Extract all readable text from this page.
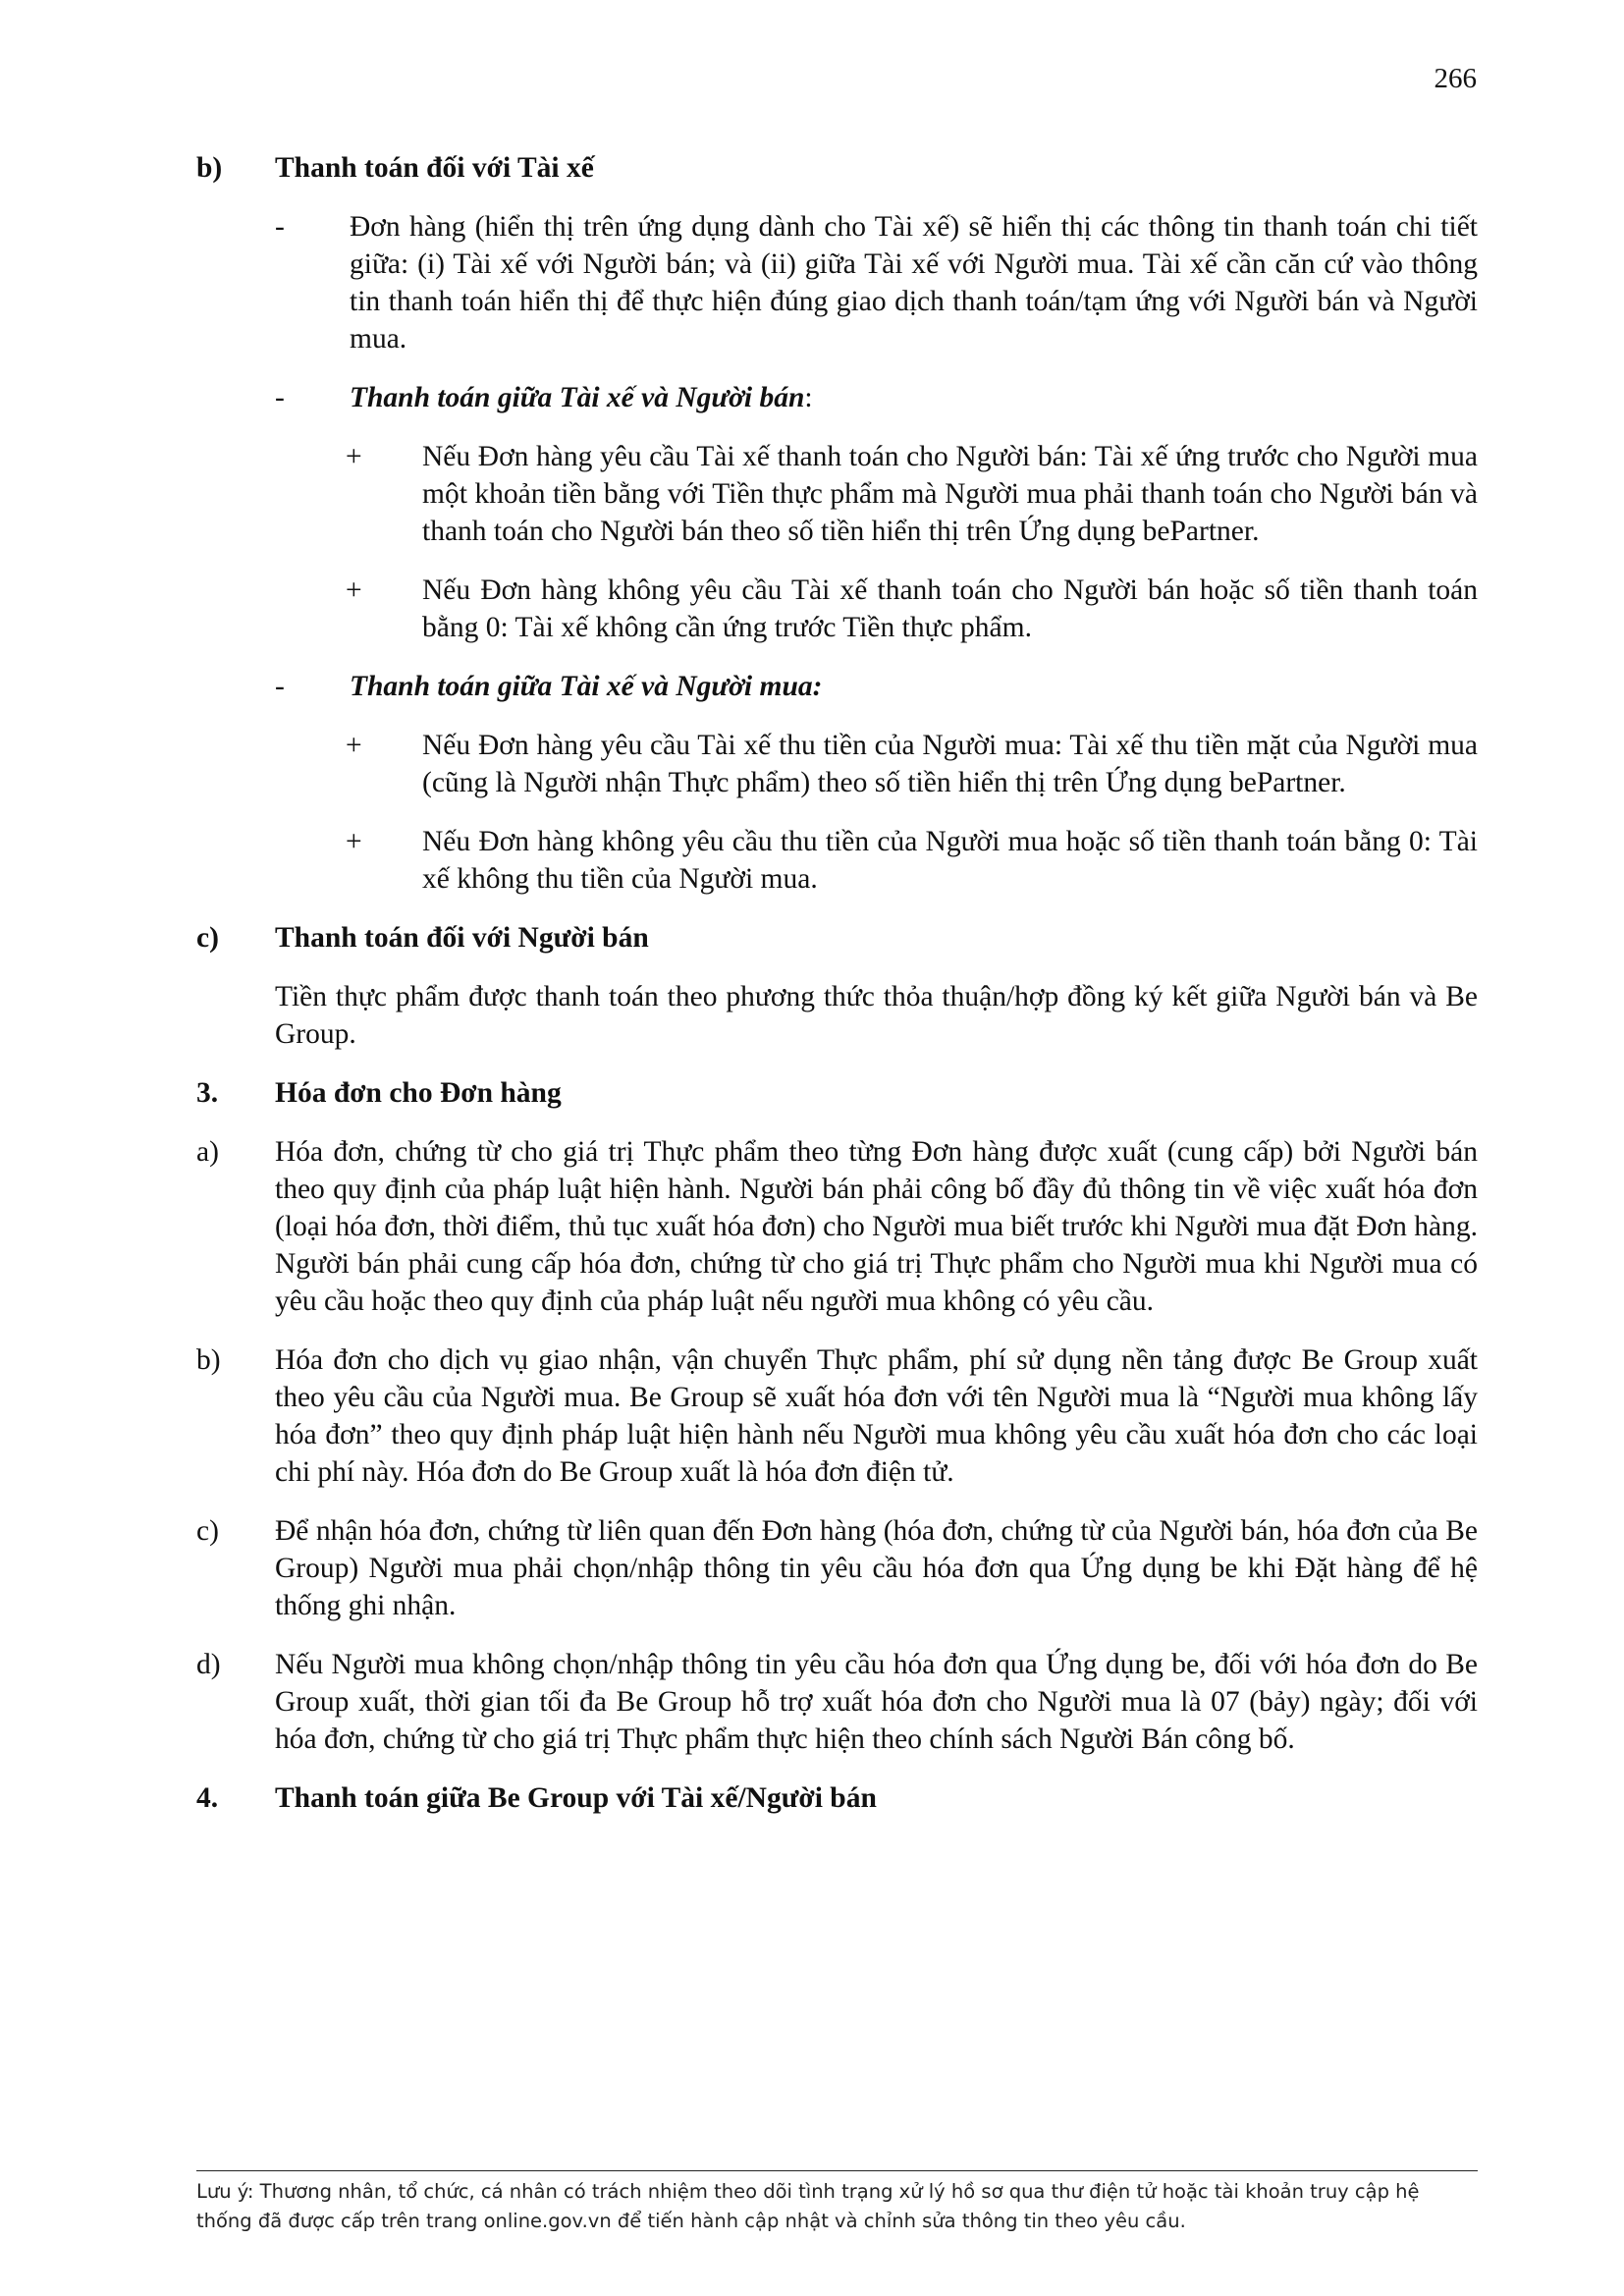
266
b)	Thanh toán đối với Tài xế
-	Đơn hàng (hiển thị trên ứng dụng dành cho Tài xế) sẽ hiển thị các thông tin thanh toán chi tiết giữa: (i) Tài xế với Người bán; và (ii) giữa Tài xế với Người mua. Tài xế cần căn cứ vào thông tin thanh toán hiển thị để thực hiện đúng giao dịch thanh toán/tạm ứng với Người bán và Người mua.
-	Thanh toán giữa Tài xế và Người bán:
+	Nếu Đơn hàng yêu cầu Tài xế thanh toán cho Người bán: Tài xế ứng trước cho Người mua một khoản tiền bằng với Tiền thực phẩm mà Người mua phải thanh toán cho Người bán và thanh toán cho Người bán theo số tiền hiển thị trên Ứng dụng bePartner.
+	Nếu Đơn hàng không yêu cầu Tài xế thanh toán cho Người bán hoặc số tiền thanh toán bằng 0: Tài xế không cần ứng trước Tiền thực phẩm.
-	Thanh toán giữa Tài xế và Người mua:
+	Nếu Đơn hàng yêu cầu Tài xế thu tiền của Người mua: Tài xế thu tiền mặt của Người mua (cũng là Người nhận Thực phẩm) theo số tiền hiển thị trên Ứng dụng bePartner.
+	Nếu Đơn hàng không yêu cầu thu tiền của Người mua hoặc số tiền thanh toán bằng 0: Tài xế không thu tiền của Người mua.
c)	Thanh toán đối với Người bán
Tiền thực phẩm được thanh toán theo phương thức thỏa thuận/hợp đồng ký kết giữa Người bán và Be Group.
3.	Hóa đơn cho Đơn hàng
a)	Hóa đơn, chứng từ cho giá trị Thực phẩm theo từng Đơn hàng được xuất (cung cấp) bởi Người bán theo quy định của pháp luật hiện hành. Người bán phải công bố đầy đủ thông tin về việc xuất hóa đơn (loại hóa đơn, thời điểm, thủ tục xuất hóa đơn) cho Người mua biết trước khi Người mua đặt Đơn hàng. Người bán phải cung cấp hóa đơn, chứng từ cho giá trị Thực phẩm cho Người mua khi Người mua có yêu cầu hoặc theo quy định của pháp luật nếu người mua không có yêu cầu.
b)	Hóa đơn cho dịch vụ giao nhận, vận chuyển Thực phẩm, phí sử dụng nền tảng được Be Group xuất theo yêu cầu của Người mua. Be Group sẽ xuất hóa đơn với tên Người mua là “Người mua không lấy hóa đơn” theo quy định pháp luật hiện hành nếu Người mua không yêu cầu xuất hóa đơn cho các loại chi phí này. Hóa đơn do Be Group xuất là hóa đơn điện tử.
c)	Để nhận hóa đơn, chứng từ liên quan đến Đơn hàng (hóa đơn, chứng từ của Người bán, hóa đơn của Be Group) Người mua phải chọn/nhập thông tin yêu cầu hóa đơn qua Ứng dụng be khi Đặt hàng để hệ thống ghi nhận.
d)	Nếu Người mua không chọn/nhập thông tin yêu cầu hóa đơn qua Ứng dụng be, đối với hóa đơn do Be Group xuất, thời gian tối đa Be Group hỗ trợ xuất hóa đơn cho Người mua là 07 (bảy) ngày; đối với hóa đơn, chứng từ cho giá trị Thực phẩm thực hiện theo chính sách Người Bán công bố.
4.	Thanh toán giữa Be Group với Tài xế/Người bán
Lưu ý: Thương nhân, tổ chức, cá nhân có trách nhiệm theo dõi tình trạng xử lý hồ sơ qua thư điện tử hoặc tài khoản truy cập hệ thống đã được cấp trên trang online.gov.vn để tiến hành cập nhật và chỉnh sửa thông tin theo yêu cầu.
